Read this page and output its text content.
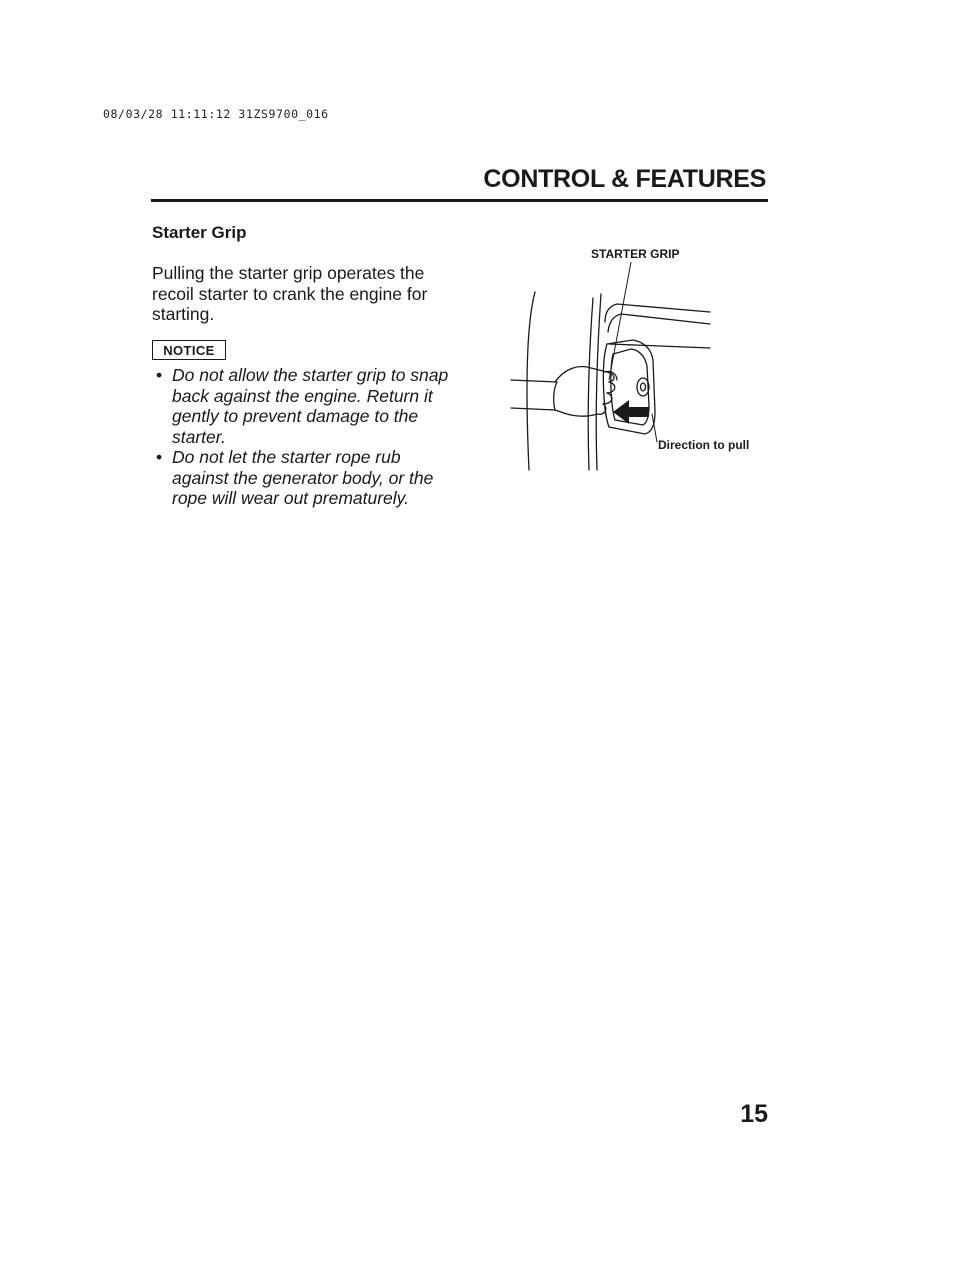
08/03/28 11:11:12 31ZS9700_016
CONTROL & FEATURES
Starter Grip

Pulling the starter grip operates the recoil starter to crank the engine for starting.

NOTICE
• Do not allow the starter grip to snap back against the engine. Return it gently to prevent damage to the starter.
• Do not let the starter rope rub against the generator body, or the rope will wear out prematurely.
STARTER GRIP
Direction to pull
15
